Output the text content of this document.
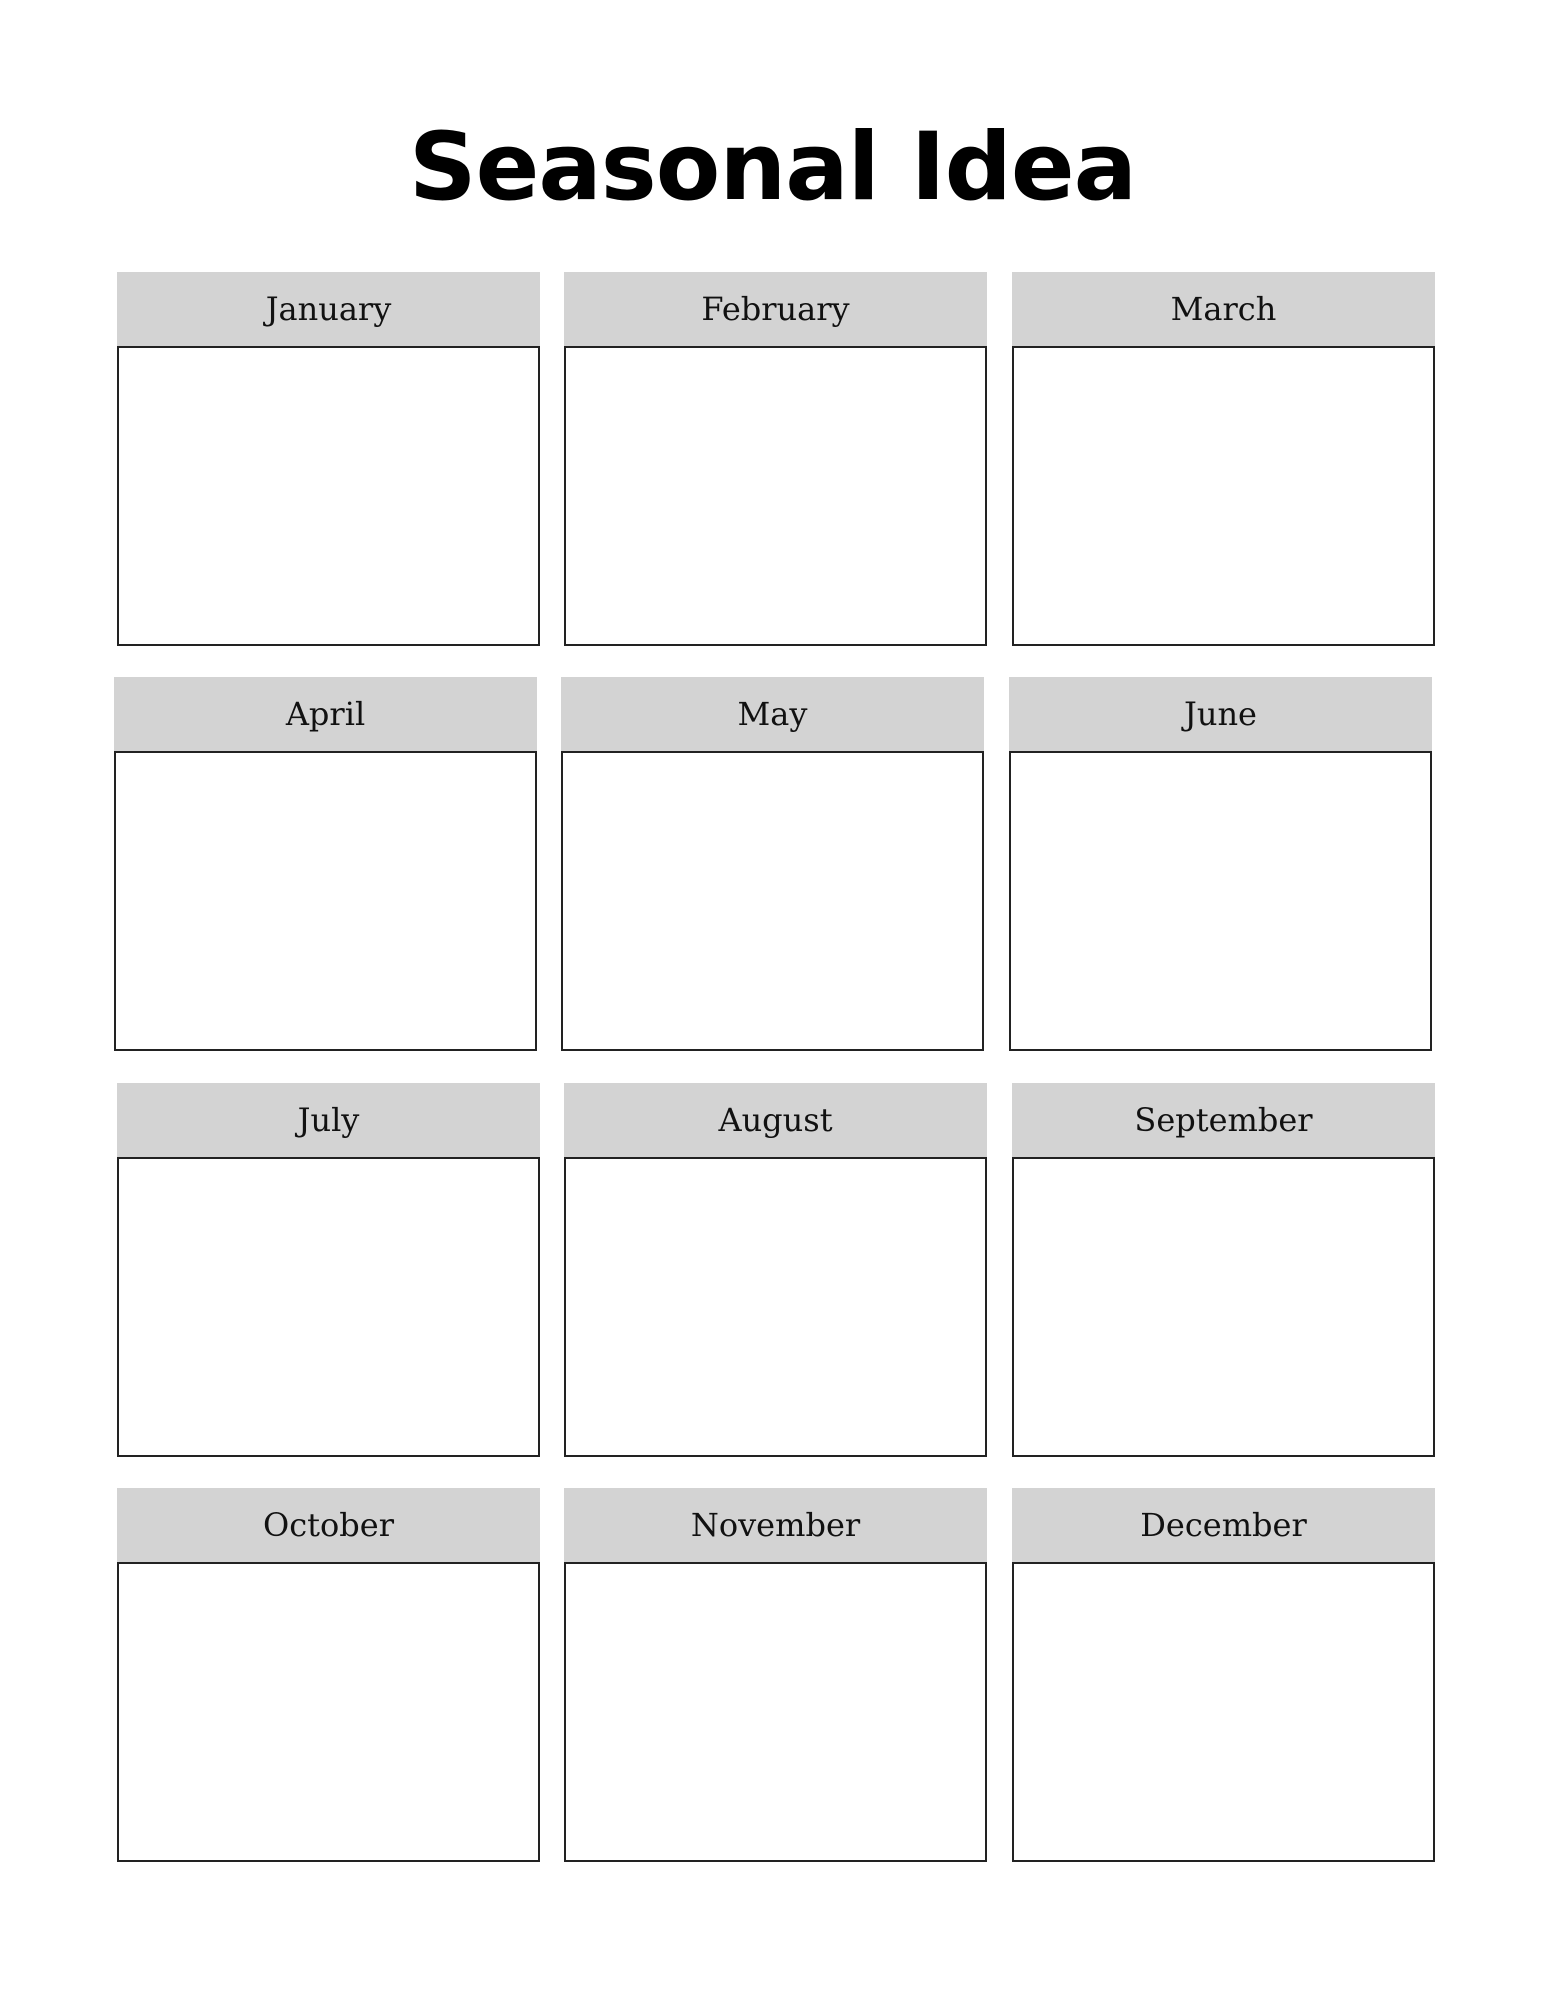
Seasonal Idea
January	February	March
April	May	June
July	August	September
October	November	December
